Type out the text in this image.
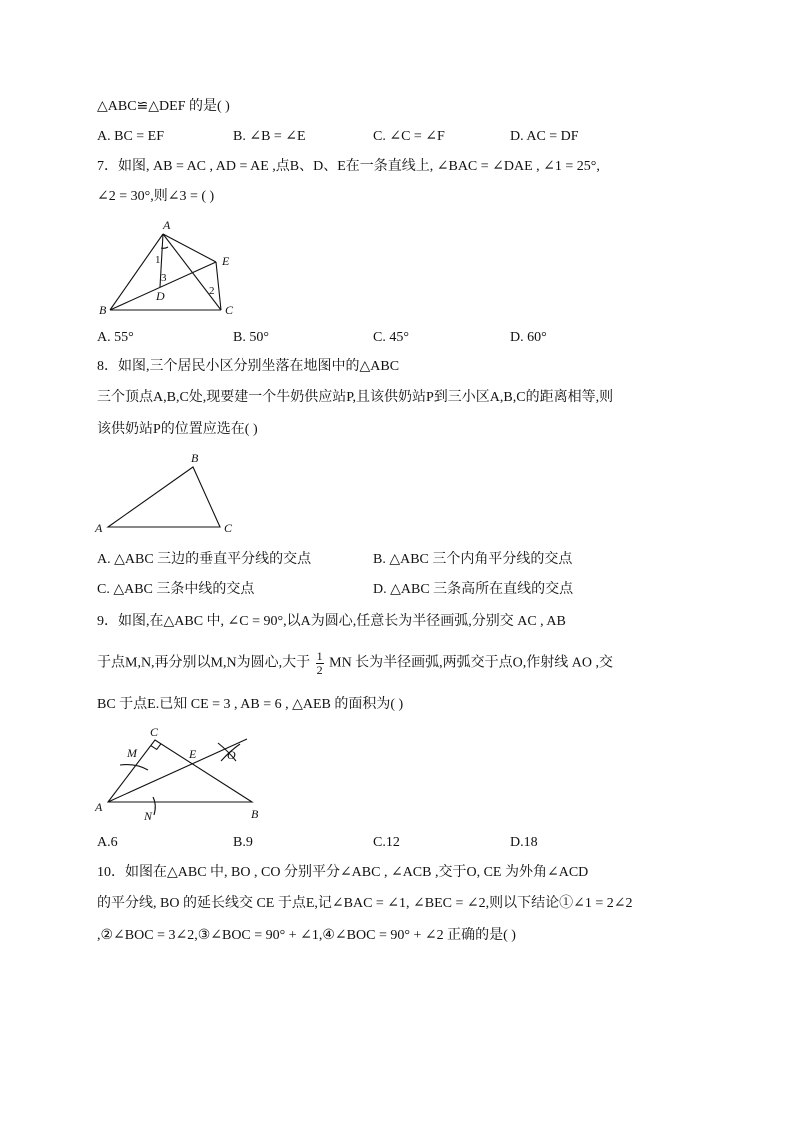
△ABC≌△DEF 的是( )
A. BC = EF	B. ∠B = ∠E	C. ∠C = ∠F	D. AC = DF
7．如图, AB = AC , AD = AE ,点B、D、E在一条直线上, ∠BAC = ∠DAE , ∠1 = 25°,
∠2 = 30°,则∠3 = ( )
A
E
B	C
D
1
3
2
A. 55°	B. 50°	C. 45°	D. 60°
8．如图,三个居民小区分别坐落在地图中的△ABC
三个顶点A,B,C处,现要建一个牛奶供应站P,且该供奶站P到三小区A,B,C的距离相等,则
该供奶站P的位置应选在( )
B
A	C
A. △ABC 三边的垂直平分线的交点	B. △ABC 三个内角平分线的交点
C. △ABC 三条中线的交点	D. △ABC 三条高所在直线的交点
9．如图,在△ABC 中, ∠C = 90°,以A为圆心,任意长为半径画弧,分别交 AC , AB
于点M,N,再分别以M,N为圆心,大于 $\frac{1}{2}$ MN 长为半径画弧,两弧交于点O,作射线 AO ,交
BC 于点E.已知 CE = 3 , AB = 6 , △AEB 的面积为( )
C
M	E	O
A
N	B
A.6	B.9	C.12	D.18
10．如图在△ABC 中, BO , CO 分别平分∠ABC , ∠ACB ,交于O, CE 为外角∠ACD
的平分线, BO 的延长线交 CE 于点E,记∠BAC = ∠1, ∠BEC = ∠2,则以下结论①∠1 = 2∠2
,②∠BOC = 3∠2,③∠BOC = 90° + ∠1,④∠BOC = 90° + ∠2 正确的是( )
